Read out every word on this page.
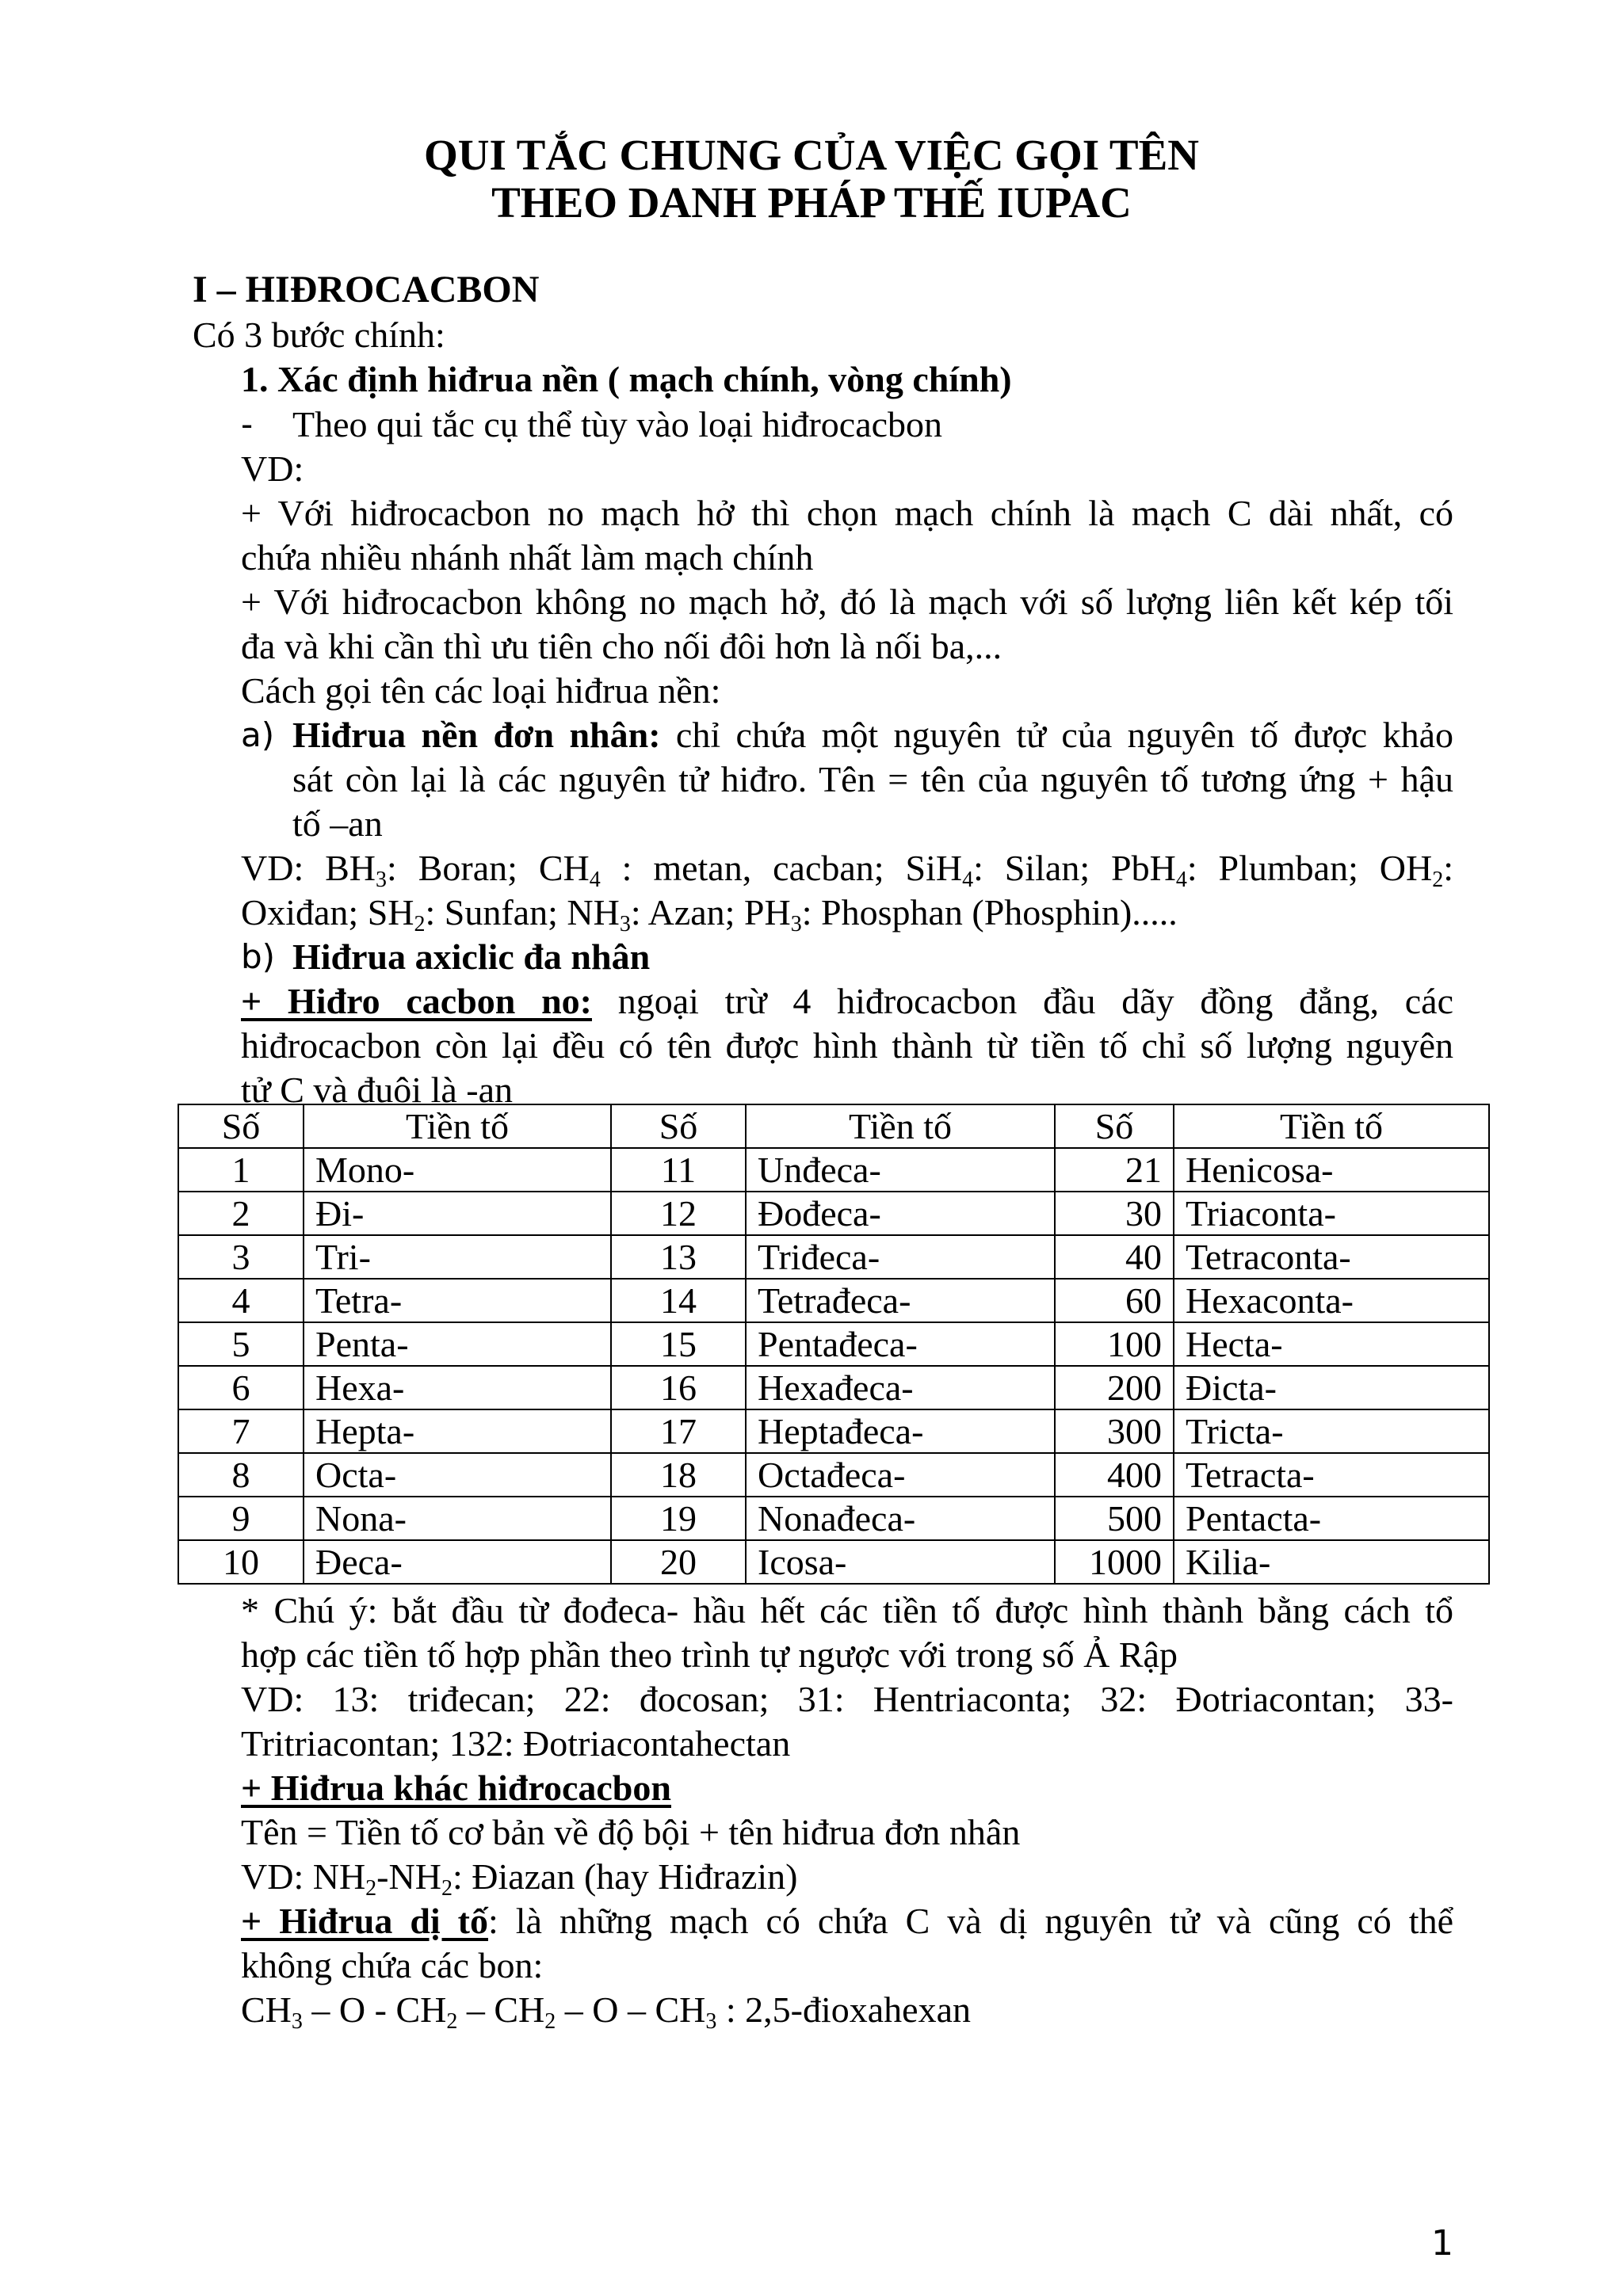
QUI TẮC CHUNG CỦA VIỆC GỌI TÊN
THEO DANH PHÁP THẾ IUPAC

I – HIĐROCACBON

Có 3 bước chính:

1. Xác định hiđrua nền ( mạch chính, vòng chính)

- Theo qui tắc cụ thể tùy vào loại hiđrocacbon

VD:

+ Với hiđrocacbon no mạch hở thì chọn mạch chính là mạch C dài nhất, có

chứa nhiều nhánh nhất làm mạch chính

+ Với hiđrocacbon không no mạch hở, đó là mạch với số lượng liên kết kép tối

đa và khi cần thì ưu tiên cho nối đôi hơn là nối ba,...

Cách gọi tên các loại hiđrua nền:

a) Hiđrua nền đơn nhân: chỉ chứa một nguyên tử của nguyên tố được khảo

sát còn lại là các nguyên tử hiđro. Tên = tên của nguyên tố tương ứng + hậu

tố –an

VD: $BH_3$: Boran; $CH_4$ : metan, cacban; SiH$_4$: Silan; PbH$_4$: Plumban; $OH_2$:

Oxiđan; $SH_2$: Sunfan; $NH_3$: Azan; $PH_3$: Phosphan (Phosphin).....

b) Hiđrua axiclic đa nhân

+ Hiđro cacbon no: ngoại trừ 4 hiđrocacbon đầu dãy đồng đẳng, các

hiđrocacbon còn lại đều có tên được hình thành từ tiền tố chỉ số lượng nguyên

tử C và đuôi là -an

Số	Tiền tố	Số	Tiền tố	Số	Tiền tố
1	Mono-	11	Unđeca-	21	Henicosa-
2	Đi-	12	Đođeca-	30	Triaconta-
3	Tri-	13	Triđeca-	40	Tetraconta-
4	Tetra-	14	Tetrađeca-	60	Hexaconta-
5	Penta-	15	Pentađeca-	100	Hecta-
6	Hexa-	16	Hexađeca-	200	Đicta-
7	Hepta-	17	Heptađeca-	300	Tricta-
8	Octa-	18	Octađeca-	400	Tetracta-
9	Nona-	19	Nonađeca-	500	Pentacta-
10	Đeca-	20	Icosa-	1000	Kilia-

* Chú ý: bắt đầu từ đođeca- hầu hết các tiền tố được hình thành bằng cách tổ

hợp các tiền tố hợp phần theo trình tự ngược với trong số Ả Rập

VD: 13: triđecan; 22: đocosan; 31: Hentriaconta; 32: Đotriacontan; 33-

Tritriacontan; 132: Đotriacontahectan

+ Hiđrua khác hiđrocacbon

Tên = Tiền tố cơ bản về độ bội + tên hiđrua đơn nhân

VD: $NH_2-NH_2$: Điazan (hay Hiđrazin)

+ Hiđrua dị tố: là những mạch có chứa C và dị nguyên tử và cũng có thể

không chứa các bon:

$CH_3$ – O - $CH_2 - CH_2$ – O – $CH_3$ : 2,5-đioxahexan

1
